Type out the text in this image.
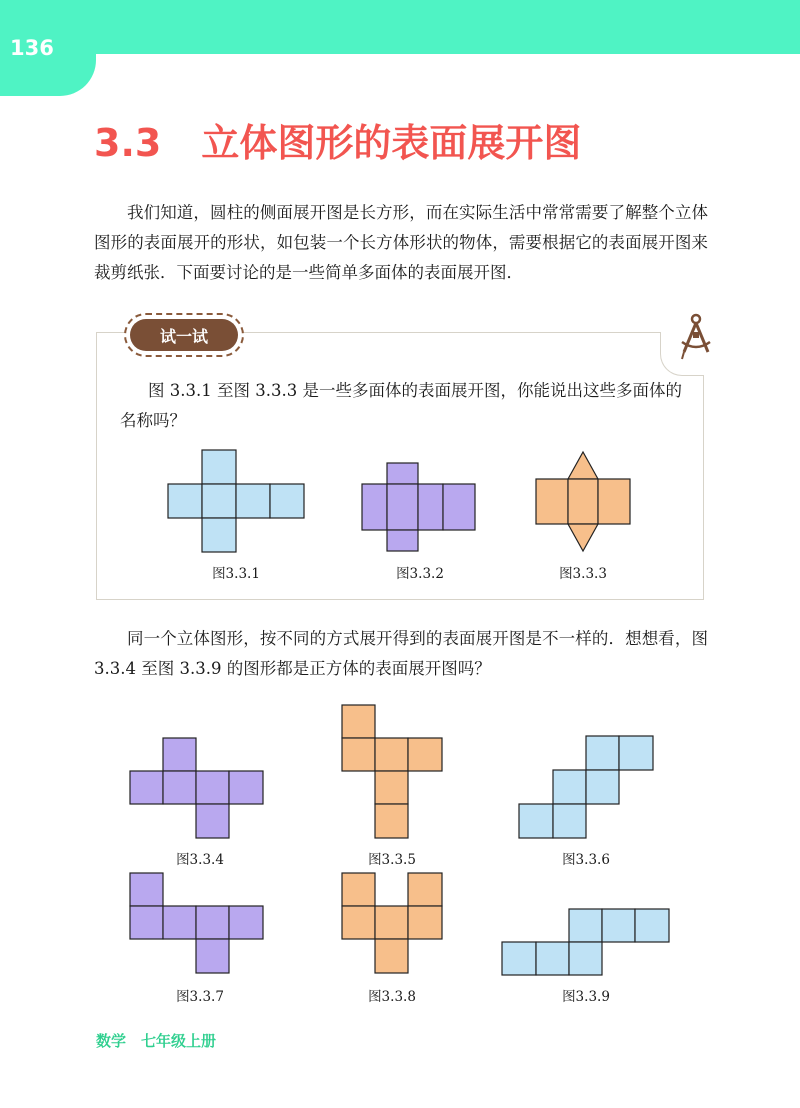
136
3.3 立体图形的表面展开图

我们知道，圆柱的侧面展开图是长方形，而在实际生活中常常需要了解整个立体图形的表面展开的形状，如包装一个长方体形状的物体，需要根据它的表面展开图来裁剪纸张．下面要讨论的是一些简单多面体的表面展开图．

试一试

图 3.3.1 至图 3.3.3 是一些多面体的表面展开图，你能说出这些多面体的名称吗？

图3.3.1	图3.3.2	图3.3.3

同一个立体图形，按不同的方式展开得到的表面展开图是不一样的．想想看，图 3.3.4 至图 3.3.9 的图形都是正方体的表面展开图吗？

图3.3.4	图3.3.5	图3.3.6
图3.3.7	图3.3.8	图3.3.9
数学　七年级上册
